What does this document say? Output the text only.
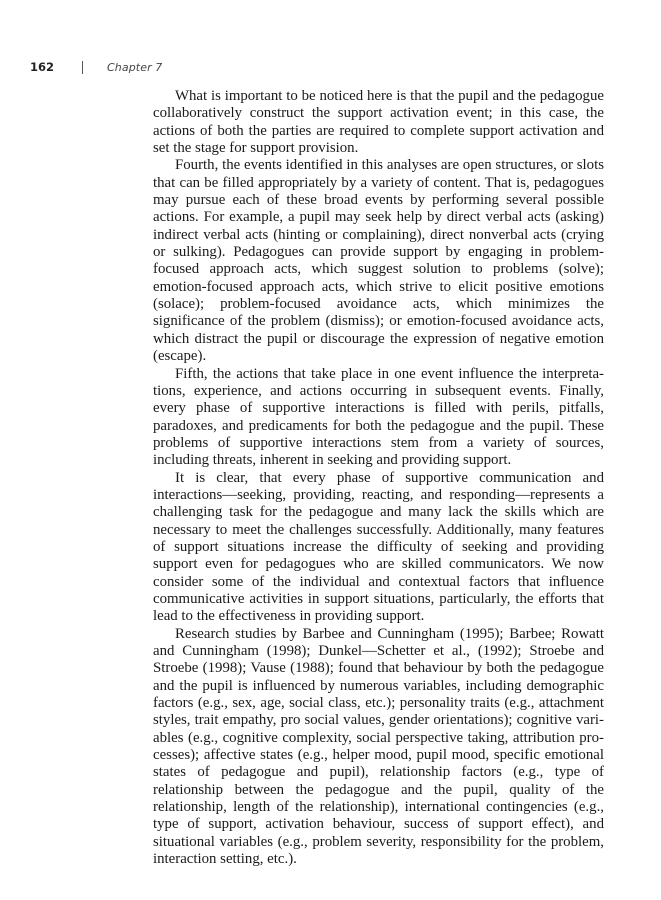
162	Chapter 7

What is important to be noticed here is that the pupil and the pedagogue collaboratively construct the support activation event; in this case, the actions of both the parties are required to complete support activation and set the stage for support provision.

Fourth, the events identified in this analyses are open structures, or slots that can be filled appropriately by a variety of content. That is, pedagogues may pursue each of these broad events by performing several possible actions. For example, a pupil may seek help by direct verbal acts (asking) indirect verbal acts (hinting or complaining), direct nonverbal acts (crying or sulking). Pedagogues can provide support by engaging in problem-focused approach acts, which suggest solution to problems (solve); emotion-focused approach acts, which strive to elicit positive emotions (solace); problem-focused avoidance acts, which minimizes the significance of the problem (dismiss); or emotion-focused avoidance acts, which distract the pupil or discourage the expression of negative emotion (escape).

Fifth, the actions that take place in one event influence the interpretations, experience, and actions occurring in subsequent events. Finally, every phase of supportive interactions is filled with perils, pitfalls, paradoxes, and predicaments for both the pedagogue and the pupil. These problems of supportive interactions stem from a variety of sources, including threats, inherent in seeking and providing support.

It is clear, that every phase of supportive communication and interactions—seeking, providing, reacting, and responding—represents a challenging task for the pedagogue and many lack the skills which are necessary to meet the challenges successfully. Additionally, many features of support situations increase the difficulty of seeking and providing support even for pedagogues who are skilled communicators. We now consider some of the individual and contextual factors that influence communicative activities in support situations, particularly, the efforts that lead to the effectiveness in providing support.

Research studies by Barbee and Cunningham (1995); Barbee; Rowatt and Cunningham (1998); Dunkel—Schetter et al., (1992); Stroebe and Stroebe (1998); Vause (1988); found that behaviour by both the pedagogue and the pupil is influenced by numerous variables, including demographic factors (e.g., sex, age, social class, etc.); personality traits (e.g., attachment styles, trait empathy, pro social values, gender orientations); cognitive variables (e.g., cognitive complexity, social perspective taking, attribution processes); affective states (e.g., helper mood, pupil mood, specific emotional states of pedagogue and pupil), relationship factors (e.g., type of relationship between the pedagogue and the pupil, quality of the relationship, length of the relationship), international contingencies (e.g., type of support, activation behaviour, success of support effect), and situational variables (e.g., problem severity, responsibility for the problem, interaction setting, etc.).
